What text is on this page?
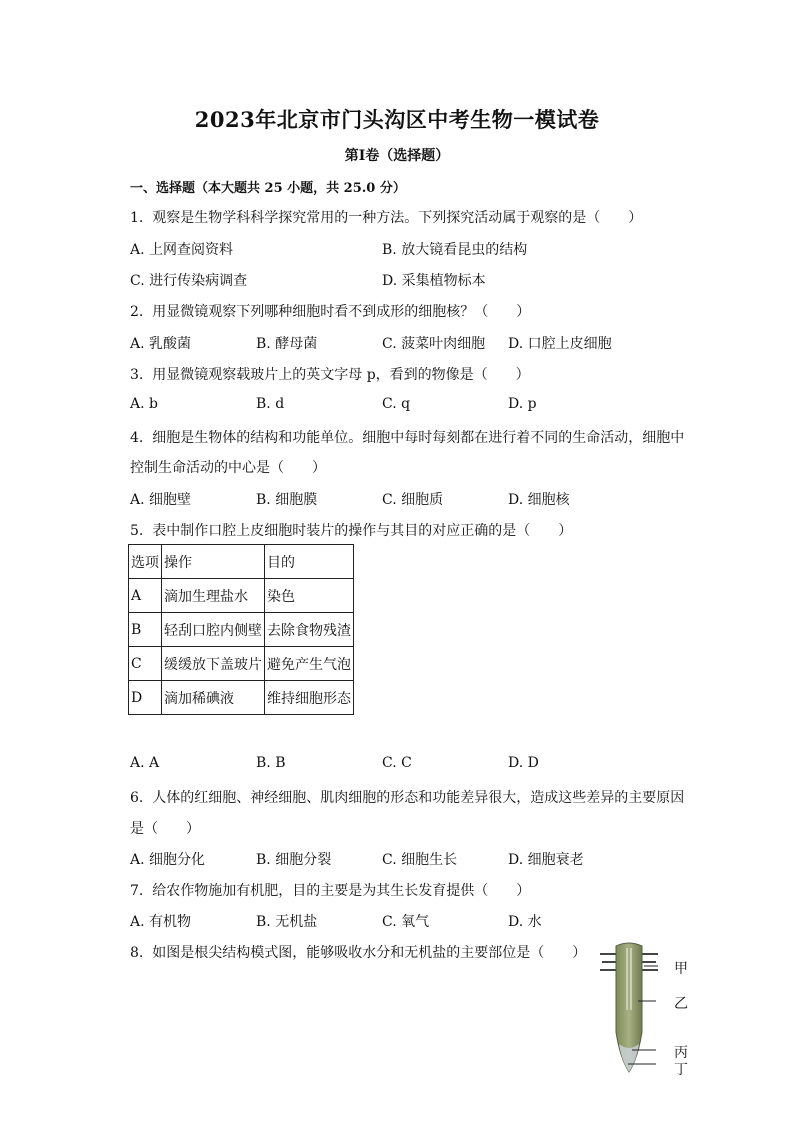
2023年北京市门头沟区中考生物一模试卷
第Ⅰ卷（选择题）
一、选择题（本大题共 25 小题，共 25.0 分）
1.  观察是生物学科科学探究常用的一种方法。下列探究活动属于观察的是（　　）
A. 上网查阅资料	B. 放大镜看昆虫的结构
C. 进行传染病调查	D. 采集植物标本
2.  用显微镜观察下列哪种细胞时看不到成形的细胞核？（　　）
A. 乳酸菌	B. 酵母菌	C. 菠菜叶肉细胞 D. 口腔上皮细胞
3.  用显微镜观察载玻片上的英文字母 p，看到的物像是（　　）
A. b	B. d	C. q	D. p
4.  细胞是生物体的结构和功能单位。细胞中每时每刻都在进行着不同的生命活动，细胞中
控制生命活动的中心是（　　）
A. 细胞壁	B. 细胞膜	C. 细胞质	D. 细胞核
5.  表中制作口腔上皮细胞时装片的操作与其目的对应正确的是（　　）
选项	操作	目的
A	滴加生理盐水	染色
B	轻刮口腔内侧壁	去除食物残渣
C	缓缓放下盖玻片	避免产生气泡
D	滴加稀碘液	维持细胞形态
A. A	B. B	C. C	D. D
6.  人体的红细胞、神经细胞、肌肉细胞的形态和功能差异很大，造成这些差异的主要原因
是（　　）
A. 细胞分化	B. 细胞分裂	C. 细胞生长	D. 细胞衰老
7.  给农作物施加有机肥，目的主要是为其生长发育提供（　　）
A. 有机物	B. 无机盐	C. 氧气	D. 水
8.  如图是根尖结构模式图，能够吸收水分和无机盐的主要部位是（　　）
甲
乙
丙
丁
